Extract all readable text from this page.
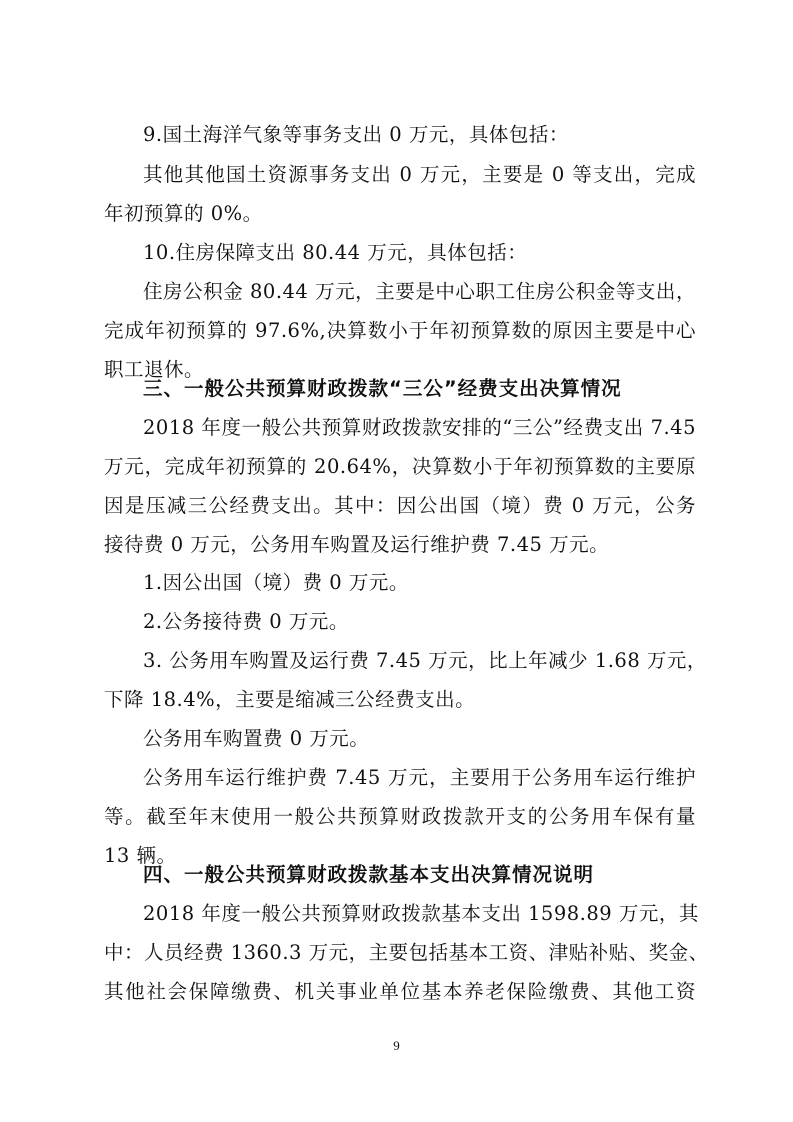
9.国土海洋气象等事务支出 0 万元，具体包括：
其他其他国土资源事务支出 0 万元，主要是 0 等支出，完成
年初预算的 0%。
10.住房保障支出 80.44 万元，具体包括：
住房公积金 80.44 万元，主要是中心职工住房公积金等支出，
完成年初预算的 97.6%,决算数小于年初预算数的原因主要是中心
职工退休。
三、一般公共预算财政拨款“三公”经费支出决算情况
2018 年度一般公共预算财政拨款安排的“三公”经费支出 7.45
万元，完成年初预算的 20.64%，决算数小于年初预算数的主要原
因是压减三公经费支出。其中：因公出国（境）费 0 万元，公务
接待费 0 万元，公务用车购置及运行维护费 7.45 万元。
1.因公出国（境）费 0 万元。
2.公务接待费 0 万元。
3. 公务用车购置及运行费 7.45 万元，比上年减少 1.68 万元，
下降 18.4%，主要是缩减三公经费支出。
公务用车购置费 0 万元。
公务用车运行维护费 7.45 万元，主要用于公务用车运行维护
等。截至年末使用一般公共预算财政拨款开支的公务用车保有量
13 辆。
四、一般公共预算财政拨款基本支出决算情况说明
2018 年度一般公共预算财政拨款基本支出 1598.89 万元，其
中：人员经费 1360.3 万元，主要包括基本工资、津贴补贴、奖金、
其他社会保障缴费、机关事业单位基本养老保险缴费、其他工资
9
